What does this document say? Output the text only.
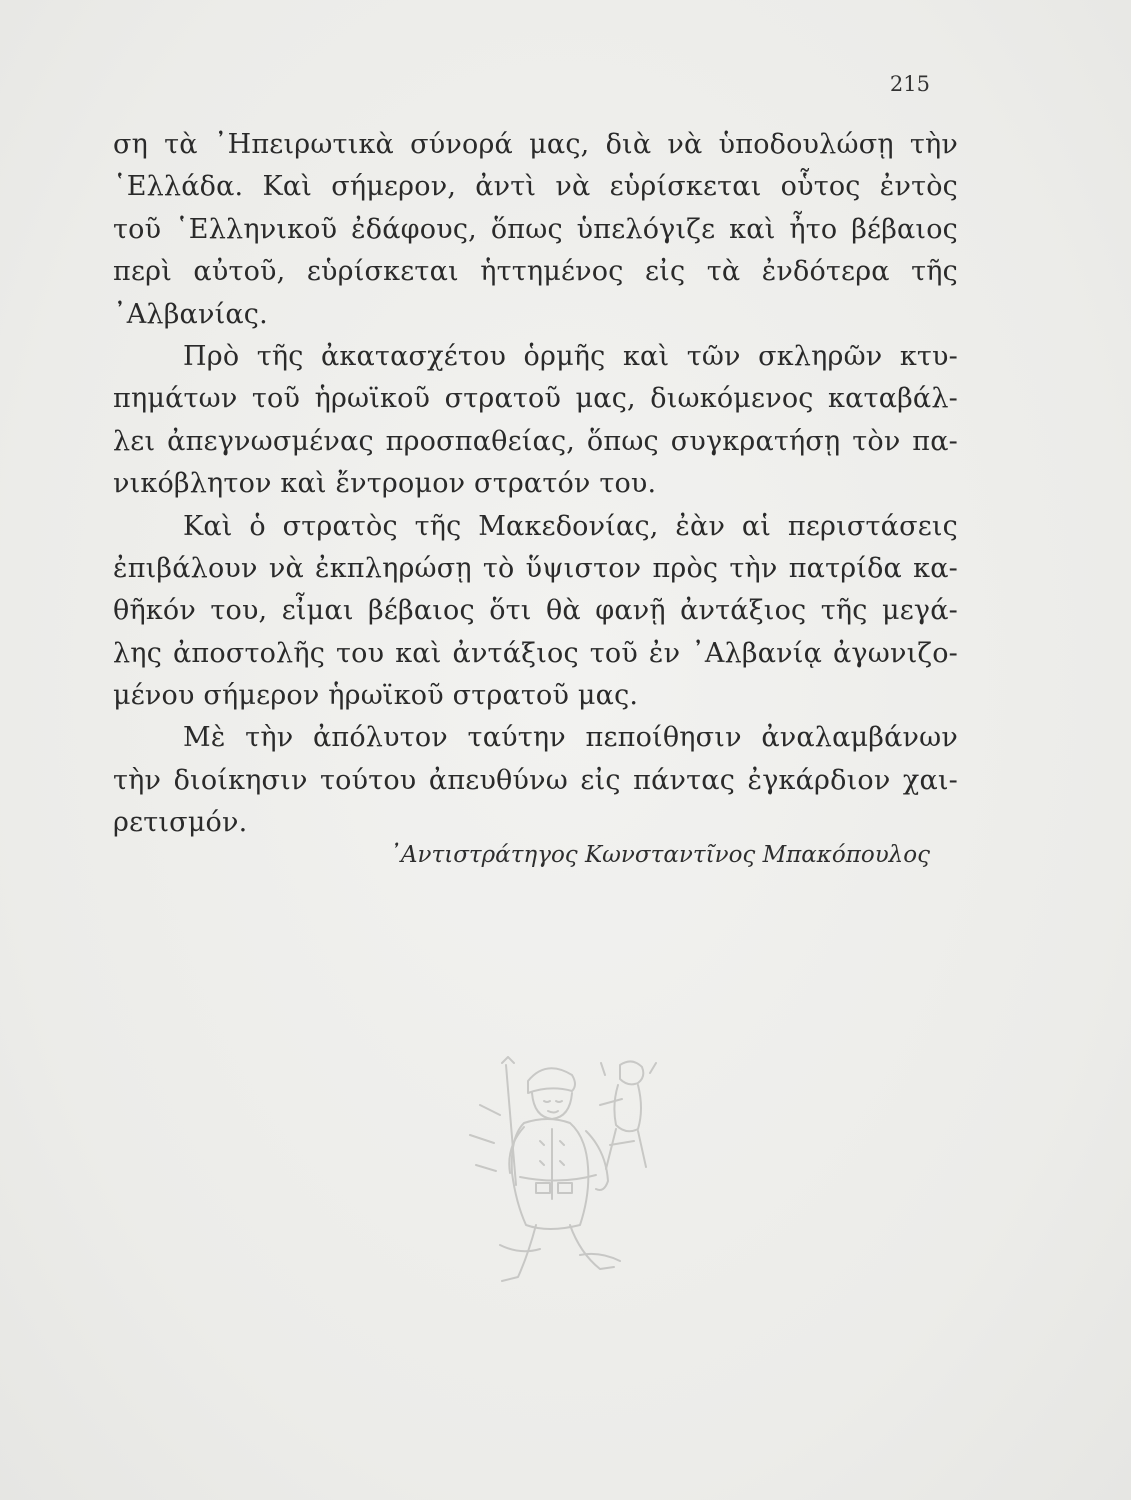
215
ση τὰ ᾿Ηπειρωτικὰ σύνορά μας, διὰ νὰ ὑποδουλώσῃ τὴν
῾Ελλάδα. Καὶ σήμερον, ἀντὶ νὰ εὑρίσκεται οὗτος ἐντὸς
τοῦ ῾Ελληνικοῦ ἐδάφους, ὅπως ὑπελόγιζε καὶ ἦτο βέβαιος
περὶ αὐτοῦ, εὑρίσκεται ἡττημένος εἰς τὰ ἐνδότερα τῆς
᾿Αλβανίας.
Πρὸ τῆς ἀκατασχέτου ὁρμῆς καὶ τῶν σκληρῶν κτυ-
πημάτων τοῦ ἡρωϊκοῦ στρατοῦ μας, διωκόμενος καταβάλ-
λει ἀπεγνωσμένας προσπαθείας, ὅπως συγκρατήσῃ τὸν πα-
νικόβλητον καὶ ἔντρομον στρατόν του.
Καὶ ὁ στρατὸς τῆς Μακεδονίας, ἐὰν αἱ περιστάσεις
ἐπιβάλουν νὰ ἐκπληρώσῃ τὸ ὕψιστον πρὸς τὴν πατρίδα κα-
θῆκόν του, εἶμαι βέβαιος ὅτι θὰ φανῇ ἀντάξιος τῆς μεγά-
λης ἀποστολῆς του καὶ ἀντάξιος τοῦ ἐν ᾿Αλβανίᾳ ἀγωνιζο-
μένου σήμερον ἡρωϊκοῦ στρατοῦ μας.
Μὲ τὴν ἀπόλυτον ταύτην πεποίθησιν ἀναλαμβάνων
τὴν διοίκησιν τούτου ἀπευθύνω εἰς πάντας ἐγκάρδιον χαι-
ρετισμόν.
᾿Αντιστράτηγος Κωνσταντῖνος Μπακόπουλος
